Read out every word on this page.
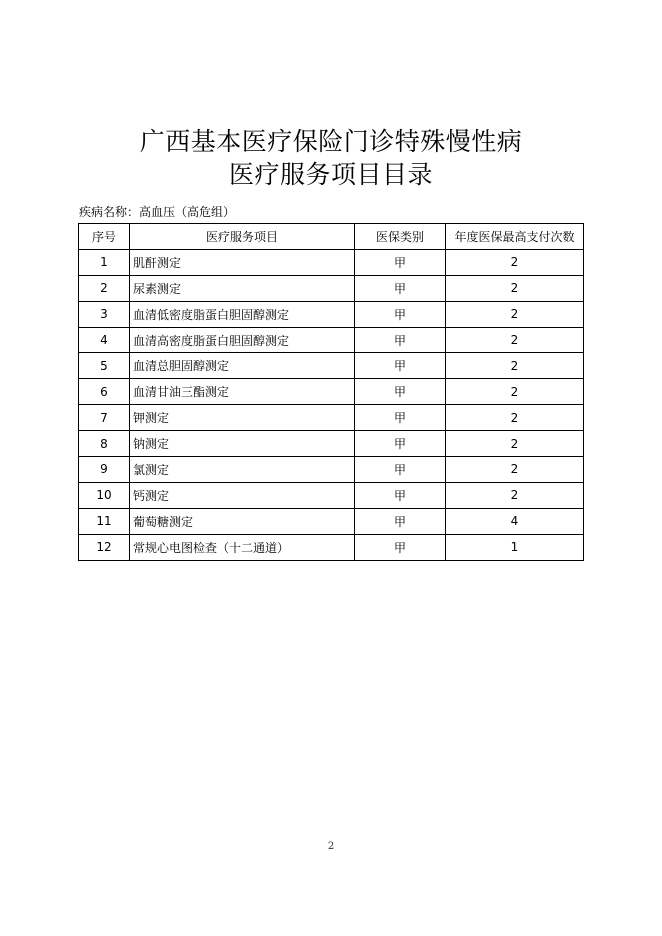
广西基本医疗保险门诊特殊慢性病
医疗服务项目目录
疾病名称：高血压（高危组）
序号	医疗服务项目	医保类别	年度医保最高支付次数
1	肌酐测定	甲	2
2	尿素测定	甲	2
3	血清低密度脂蛋白胆固醇测定	甲	2
4	血清高密度脂蛋白胆固醇测定	甲	2
5	血清总胆固醇测定	甲	2
6	血清甘油三酯测定	甲	2
7	钾测定	甲	2
8	钠测定	甲	2
9	氯测定	甲	2
10	钙测定	甲	2
11	葡萄糖测定	甲	4
12	常规心电图检查（十二通道）	甲	1
2
